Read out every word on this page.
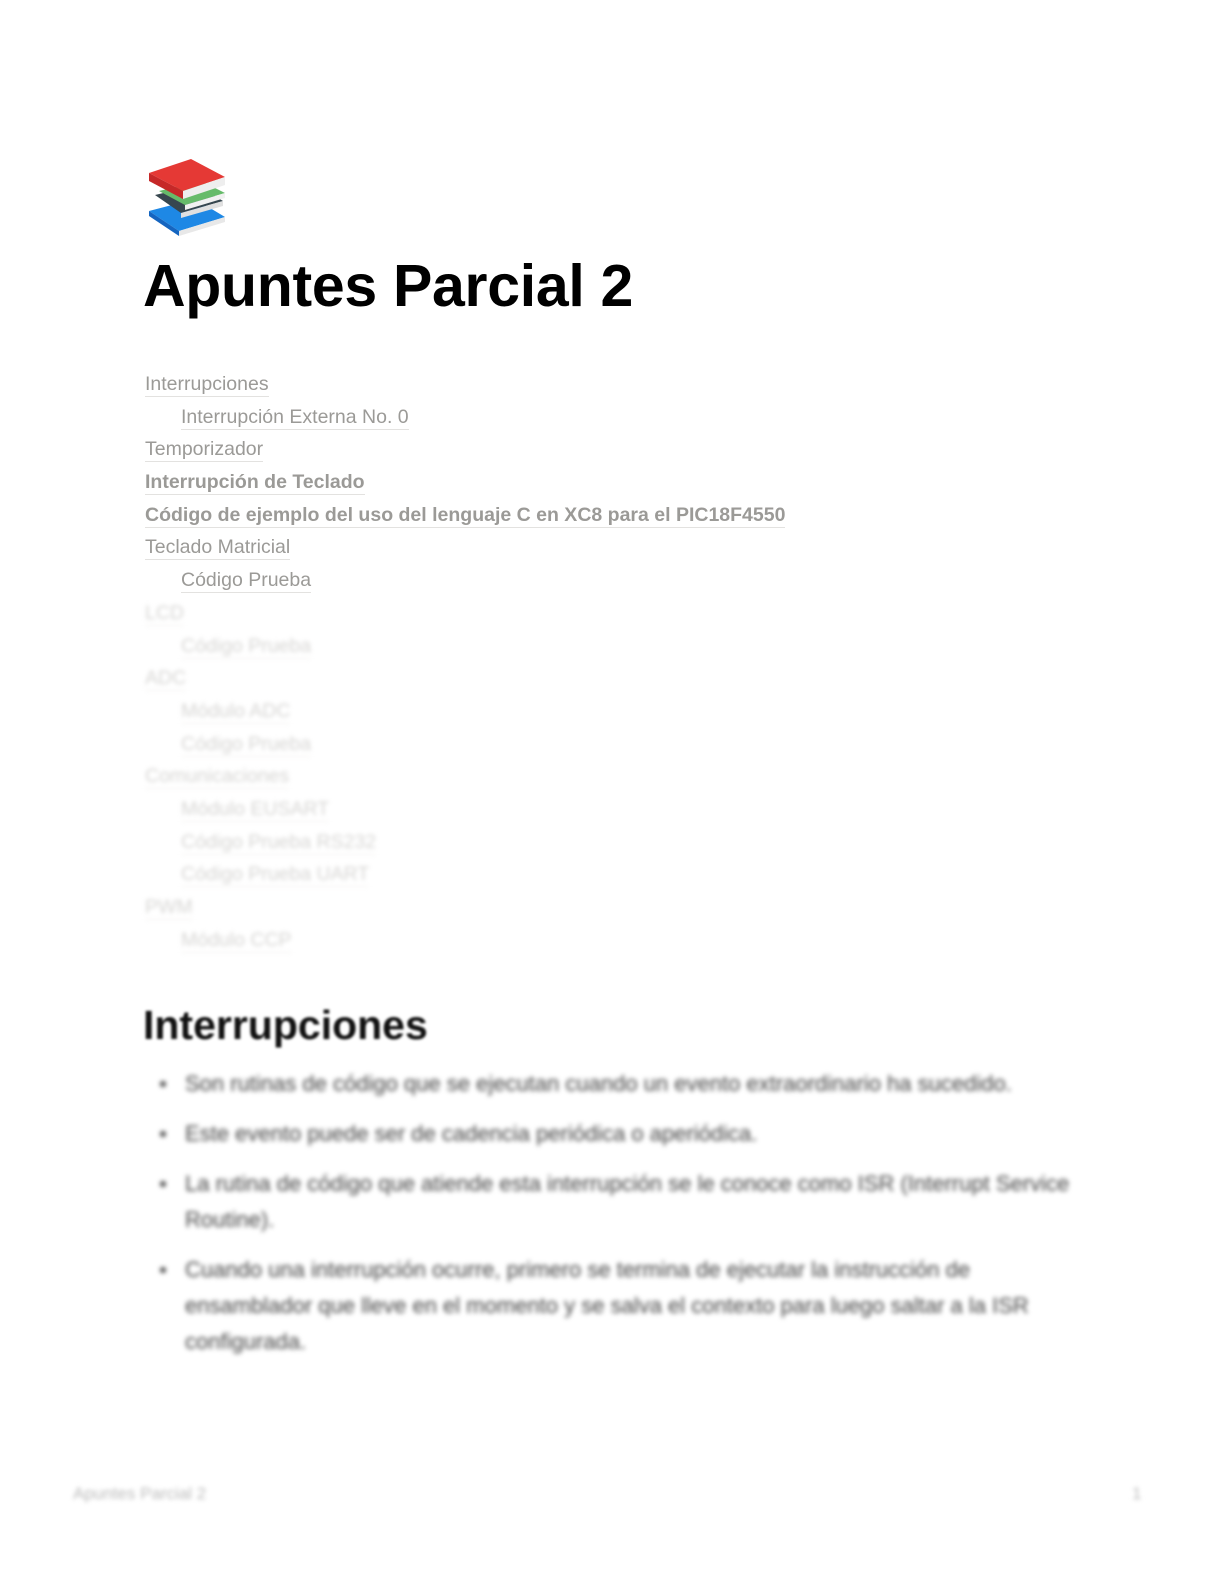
Apuntes Parcial 2
Interrupciones
Interrupción Externa No. 0
Temporizador
Interrupción de Teclado
Código de ejemplo del uso del lenguaje C en XC8 para el PIC18F4550
Teclado Matricial
Código Prueba
LCD
Código Prueba
ADC
Módulo ADC
Código Prueba
Comunicaciones
Módulo EUSART
Código Prueba RS232
Código Prueba UART
PWM
Módulo CCP
Interrupciones
Son rutinas de código que se ejecutan cuando un evento extraordinario ha sucedido.
Este evento puede ser de cadencia periódica o aperiódica.
La rutina de código que atiende esta interrupción se le conoce como ISR (Interrupt Service Routine).
Cuando una interrupción ocurre, primero se termina de ejecutar la instrucción de ensamblador que lleve en el momento y se salva el contexto para luego saltar a la ISR configurada.
Apuntes Parcial 2	1
